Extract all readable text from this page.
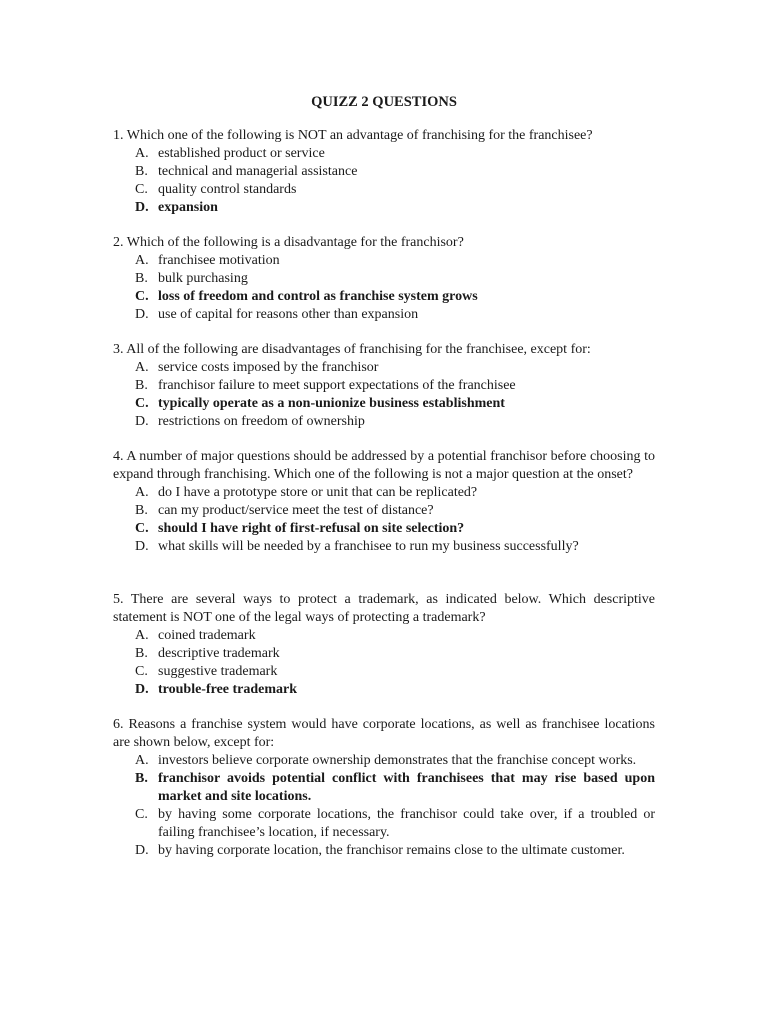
QUIZZ 2 QUESTIONS
1. Which one of the following is NOT an advantage of franchising for the franchisee?
A. established product or service
B. technical and managerial assistance
C. quality control standards
D. expansion
2. Which of the following is a disadvantage for the franchisor?
A. franchisee motivation
B. bulk purchasing
C. loss of freedom and control as franchise system grows
D. use of capital for reasons other than expansion
3. All of the following are disadvantages of franchising for the franchisee, except for:
A. service costs imposed by the franchisor
B. franchisor failure to meet support expectations of the franchisee
C. typically operate as a non-unionize business establishment
D. restrictions on freedom of ownership
4. A number of major questions should be addressed by a potential franchisor before choosing to expand through franchising. Which one of the following is not a major question at the onset?
A. do I have a prototype store or unit that can be replicated?
B. can my product/service meet the test of distance?
C. should I have right of first-refusal on site selection?
D. what skills will be needed by a franchisee to run my business successfully?
5. There are several ways to protect a trademark, as indicated below. Which descriptive statement is NOT one of the legal ways of protecting a trademark?
A. coined trademark
B. descriptive trademark
C. suggestive trademark
D. trouble-free trademark
6. Reasons a franchise system would have corporate locations, as well as franchisee locations are shown below, except for:
A. investors believe corporate ownership demonstrates that the franchise concept works.
B. franchisor avoids potential conflict with franchisees that may rise based upon market and site locations.
C. by having some corporate locations, the franchisor could take over, if a troubled or failing franchisee’s location, if necessary.
D. by having corporate location, the franchisor remains close to the ultimate customer.
